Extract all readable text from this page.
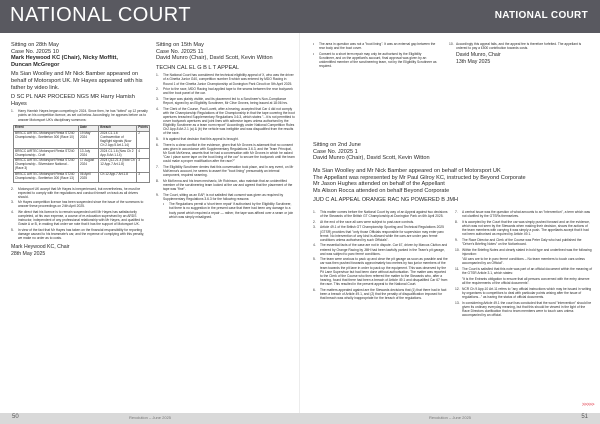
NATIONAL COURT	NATIONAL COURT
Sitting on 28th May
Case No. J2025 10
Mark Heywood KC (Chair), Nicky Moffitt,
Duncan McGregor
Ms Sian Woolley and Mr Nick Bamber appeared on behalf of Motorsport UK. Mr Hayes appeared with his father by video link.
D SC PL NAR PROCEED NGS MR Harry Hamish Hayes
1.	Harry Hamish Hayes began competing in 2024. Since then, he has "totted" up 12 penalty points on his competition licence, as set out below. Accordingly, he appears before us to answer Motorsport UK's disciplinary summons:
Event	Date	Breach	Points
BRSCC AIRTEC Motorsport Fiesta ST240 Championship - Snetterton 300 (Race 10)	19 May 2024	2024 C1.1.6 Contravention of flag/light signals (Now Ch 2 App.5 Art.1.14)	2
BRSCC AIRTEC Motorsport Fiesta ST240 Championship - Croft	13 July 2024	2024 C1.1.6 (Now Ch 2 App.5 Art.1.14)	4
BRSCC AIRTEC Motorsport Fiesta ST240 Championship - Silverstone National - (Race 3)	17 August 2024	2024 Q12.21.4 (Now Ch 12 App.7 Art.1.8)	3
BRSCC AIRTEC Motorsport Fiesta ST240 Championship - Snetterton 300 (Race 13)	06 April 2025	Ch 12 App.7 Art.1.8	3
2.	Motorsport UK accept that Mr Hayes is inexperienced, but nevertheless, he must be expected to comply with the regulations and conduct himself on track as all drivers should.
3.	Mr Hayes competition licence has been suspended since the issue of the summons to answer these proceedings on 24th April 2025.
4.	We direct that his licence is to remain suspended until Mr Hayes has satisfactorily completed, at his own expense, a course of re-education supervised by an ARDS instructor, independent of any professional relationship with Mr Hayes, and qualified to Grade A or B, in making that order we note that it has the support of Motorsport UK.
5.	In view of the fact that Mr Hayes has taken on the financial responsibility for reporting damage caused to his teammate's car, and the expense of complying with this penalty, we make no order as to costs.
Mark Heywood KC, Chair
28th May 2025
Sitting on 15th May
Case No. J2025 11
David Munro (Chair), David Scott, Kevin Witton
TECHN CAL EL G B L T APPEAL
1.	The National Court has considered the technical eligibility appeal of X, who was the driver of a Ginetta Junior G40, competition number 5 which was entered by MDO Racing in Round 1 of the Ginetta Junior Championship at Donington Park Circuit on 5th April 2025.
2.	Prior to the race, MDO Racing had applied tape to the seams between the rear bodywork and the boot panel of the car.
3.	The tape was plainly visible, and its placement led to a Scrutineer's Non-Compliance Report, signed by an Eligibility Scrutineer, Mr Clive Groves, being issued at 18:06 hrs.
4.	The Clerk of the Course, Paul Lovett, after a hearing, accepted that Car 4 did not comply with the Championship Regulations of the Championship in that the tape covering the boot apertures breached Supplementary Regulations 3.6.3, which states "...it is not permitted to cover bodywork apertures and joint lines with adhesive tapes unless authorised by the Eligibility Scrutineer as a team norm report" Accordingly under National Competition Rules Ch2 App.8 Art.2.1 (a) & (b) the vehicle was ineligible and was disqualified from the results of the race.
5.	It is against that decision that this appeal is brought.
6.	There is a clear conflict in the evidence, given that Mr Groves is adamant that no consent was given in accordance with Supplementary Regulations 3.6.3, and the Team Principal, Mr Scott McKenna, asserts that he had a conversation with Mr Groves in which he asked "Can I place some tape on the boot lining of the car" to secure the bodywork until the team could make a proper modification after the race?"
7.	The Eligibility Scrutineer denies that this conversation took place, and in any event, on Mr McKenna's account, he seems to assert the "boot lining" presumably an internal component, required seaming.
8.	Mr McKenna and his team mechanic, Mr Robinson, also maintain that an unidentified member of the scrutineering team looked at the car and agreed that the placement of the tape was "fine".
9.	The Court, sitting as an EAP, is not satisfied that consent was given as required by Supplementary Regulations 3.6.3 for the following reasons:
•	The Regulations permit a 'short term repair' if authorised by the Eligibility Scrutineer, but there is no suggestion in the present case that there had been any damage to a body panel which required a repair — rather, the tape was affixed over a seam or join which was simply misaligned.
•	The area in question was not a "boot lining". It was an external gap between the rear body and the boot cover.
•	Consent to a short term repair may only be authorised by the Eligibility Scrutineer, and on the appellant's account, final approval was given by an unidentified member of the scrutineering team, not by the Eligibility Scrutineer as required.
10. Accordingly this appeal fails, and the appeal fee is therefore forfeited. The appellant is ordered to pay a £500 contribution towards costs.
David Munro, Chair
13th May 2025
Sitting on 2nd June
Case No. J2025 1
David Munro (Chair), David Scott, Kevin Witton
Ms Sian Woolley and Mr Nick Bamber appeared on behalf of Motorsport UK
The Appellant was represented by Mr Paul Gilroy KC, instructed by Beyond Corporate
Mr Jason Hughes attended on behalf of the Appellant
Ms Alison Rocca attended on behalf Beyond Corporate
JUD C AL APPEAL ORANGE RAC NG POWERED B JMH
1.	This matter comes before the National Court by way of an Appeal against two decisions of the Stewards of the British GT Championship at Donington Park on 6th April 2025.
2.	At the end of the race all cars were subject to post-race controls.
3.	Article 49.1 of the British GT Championship Sporting and Technical Regulations 2025 (GTSR) provides that "only those Officials responsible for supervision may enter parc fermé. No intervention of any kind is allowed while the cars are under parc fermé conditions unless authorised by such Officials".
4.	The essential facts of the case are not in dispute. Car 67, driven by Marcus Clutton and entered by Orange Racing by JMH had been lawfully parked in the Team's pit garage, and was subject to parc fermé conditions.
5.	The team were anxious to pack up and clear the pit garage as soon as possible and the car was then pushed forwards approximately two metres by two junior members of the team towards the pit lane in order to pack up the equipment. This was observed by the Pit Lane Supervisor but had been done without authorisation. The matter was reported to the Clerk of the Course who then referred the matter to the Stewards who, after a hearing, found that there had been a breach of Article 49.1 and disqualified Car 67 from the race. This resulted in the present appeal to the National Court.
6.	The matters appealed against are the Stewards decisions that (1) that there had in fact been a breach of Article 49.1, and (2) that the penalty of disqualification imposed for that breach was wholly inappropriate for the breach of the regulations.
7.	A central issue was the question of what amounts to an "intervention", a term which was not clarified by the GTSRs themselves.
8.	It is accepted by the Court that the car was simply pushed forward and on the evidence, which was not seen by the Stewards when making their decision, shows the actions of the team members with carrying it was simply a push. The appellants accept that it had not been authorised as required by Article 49.1.
9.	The Race Director and Clerk of the Course was Peter Daly who had published the "Driver's Briefing Notes" on the Noticeboard.
10. Within the Briefing Notes and clearly stated in bold type and underlined was the following injunction:
"All cars are to be in parc fermé conditions – No team members to touch cars unless accompanied by an Official".
11. The Court is satisfied that this note was part of an official document within the meaning of the GTSR Article 3.1, which states:
"It is the Entrants obligation to ensure that all persons concerned with the entry observe all the requirements of the official documents".
12. NCR Ch.9 App.10 Art.11 refers to "any official instructions which may be issued in writing by organisers to competitors to deal with particular points arising after the issue of regulations..." as having the status of official documents.
13. In considering Article 49.1 the court has concluded that the word "intervention" should be given its ordinary everyday meaning, but that this should be viewed in the light of the Race Directors clarification that no team members were to touch cars unless accompanied by an official.
>>>>>
50	Revolution – June 2025	Revolution – June 2025	51
